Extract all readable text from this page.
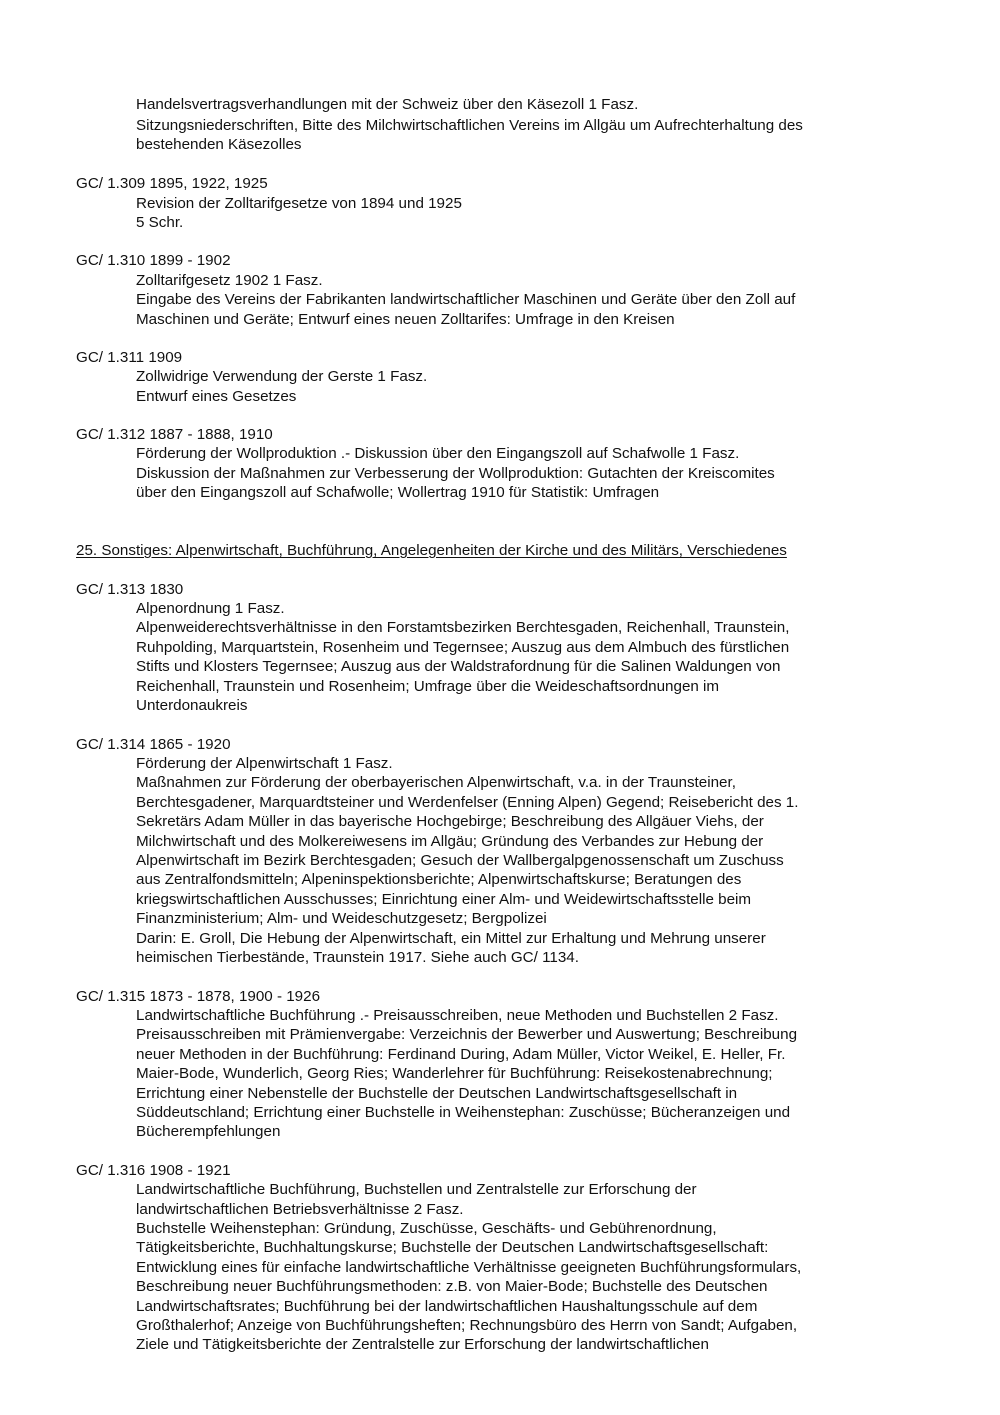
Handelsvertragsverhandlungen mit der Schweiz über den Käsezoll 1 Fasz.
Sitzungsniederschriften, Bitte des Milchwirtschaftlichen Vereins im Allgäu um Aufrechterhaltung des
bestehenden Käsezolles
GC/ 1.309 1895, 1922, 1925
Revision der Zolltarifgesetze von 1894 und 1925
5 Schr.
GC/ 1.310 1899 - 1902
Zolltarifgesetz 1902 1 Fasz.
Eingabe des Vereins der Fabrikanten landwirtschaftlicher Maschinen und Geräte über den Zoll auf
Maschinen und Geräte; Entwurf eines neuen Zolltarifes: Umfrage in den Kreisen
GC/ 1.311 1909
Zollwidrige Verwendung der Gerste 1 Fasz.
Entwurf eines Gesetzes
GC/ 1.312 1887 - 1888, 1910
Förderung der Wollproduktion .- Diskussion über den Eingangszoll auf Schafwolle 1 Fasz.
Diskussion der Maßnahmen zur Verbesserung der Wollproduktion: Gutachten der Kreiscomites
über den Eingangszoll auf Schafwolle; Wollertrag 1910 für Statistik: Umfragen
25. Sonstiges: Alpenwirtschaft, Buchführung, Angelegenheiten der Kirche und des Militärs, Verschiedenes
GC/ 1.313 1830
Alpenordnung 1 Fasz.
Alpenweiderechtsverhältnisse in den Forstamtsbezirken Berchtesgaden, Reichenhall, Traunstein,
Ruhpolding, Marquartstein, Rosenheim und Tegernsee; Auszug aus dem Almbuch des fürstlichen
Stifts und Klosters Tegernsee; Auszug aus der Waldstrafordnung für die Salinen Waldungen von
Reichenhall, Traunstein und Rosenheim; Umfrage über die Weideschaftsordnungen im
Unterdonaukreis
GC/ 1.314 1865 - 1920
Förderung der Alpenwirtschaft 1 Fasz.
Maßnahmen zur Förderung der oberbayerischen Alpenwirtschaft, v.a. in der Traunsteiner,
Berchtesgadener, Marquardtsteiner und Werdenfelser (Enning Alpen) Gegend; Reisebericht des 1.
Sekretärs Adam Müller in das bayerische Hochgebirge; Beschreibung des Allgäuer Viehs, der
Milchwirtschaft und des Molkereiwesens im Allgäu; Gründung des Verbandes zur Hebung der
Alpenwirtschaft im Bezirk Berchtesgaden; Gesuch der Wallbergalpgenossenschaft um Zuschuss
aus Zentralfondsmitteln; Alpeninspektionsberichte; Alpenwirtschaftskurse; Beratungen des
kriegswirtschaftlichen Ausschusses; Einrichtung einer Alm- und Weidewirtschaftsstelle beim
Finanzministerium; Alm- und Weideschutzgesetz; Bergpolizei
Darin: E. Groll, Die Hebung der Alpenwirtschaft, ein Mittel zur Erhaltung und Mehrung unserer
heimischen Tierbestände, Traunstein 1917. Siehe auch GC/ 1134.
GC/ 1.315 1873 - 1878, 1900 - 1926
Landwirtschaftliche Buchführung .- Preisausschreiben, neue Methoden und Buchstellen 2 Fasz.
Preisausschreiben mit Prämienvergabe: Verzeichnis der Bewerber und Auswertung; Beschreibung
neuer Methoden in der Buchführung: Ferdinand During, Adam Müller, Victor Weikel, E. Heller, Fr.
Maier-Bode, Wunderlich, Georg Ries; Wanderlehrer für Buchführung: Reisekostenabrechnung;
Errichtung einer Nebenstelle der Buchstelle der Deutschen Landwirtschaftsgesellschaft in
Süddeutschland; Errichtung einer Buchstelle in Weihenstephan: Zuschüsse; Bücheranzeigen und
Bücherempfehlungen
GC/ 1.316 1908 - 1921
Landwirtschaftliche Buchführung, Buchstellen und Zentralstelle zur Erforschung der
landwirtschaftlichen Betriebsverhältnisse 2 Fasz.
Buchstelle Weihenstephan: Gründung, Zuschüsse, Geschäfts- und Gebührenordnung,
Tätigkeitsberichte, Buchhaltungskurse; Buchstelle der Deutschen Landwirtschaftsgesellschaft:
Entwicklung eines für einfache landwirtschaftliche Verhältnisse geeigneten Buchführungsformulars,
Beschreibung neuer Buchführungsmethoden: z.B. von Maier-Bode; Buchstelle des Deutschen
Landwirtschaftsrates; Buchführung bei der landwirtschaftlichen Haushaltungsschule auf dem
Großthalerhof; Anzeige von Buchführungsheften; Rechnungsbüro des Herrn von Sandt; Aufgaben,
Ziele und Tätigkeitsberichte der Zentralstelle zur Erforschung der landwirtschaftlichen
